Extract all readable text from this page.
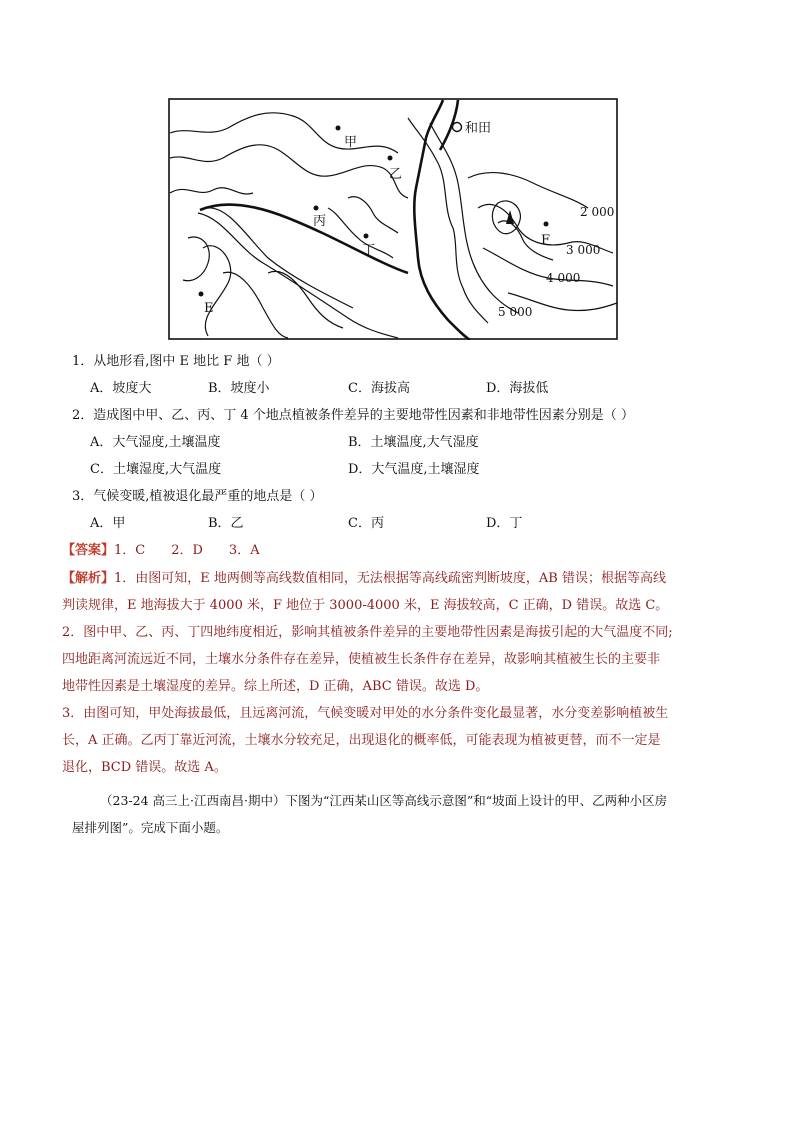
甲
乙
丙
丁
和田
E
F
2 000
3 000
4 000
5 000
1．从地形看,图中 E 地比 F 地（ ）
A．坡度大	B．坡度小	C．海拔高	D．海拔低
2．造成图中甲、乙、丙、丁 4 个地点植被条件差异的主要地带性因素和非地带性因素分别是（ ）
A．大气湿度,土壤温度	B．土壤温度,大气湿度
C．土壤湿度,大气温度	D．大气温度,土壤湿度
3．气候变暖,植被退化最严重的地点是（ ）
A．甲	B．乙	C．丙	D．丁
【答案】1．C　　2．D　　3．A
【解析】1．由图可知，E 地两侧等高线数值相同，无法根据等高线疏密判断坡度，AB 错误；根据等高线
判读规律，E 地海拔大于 4000 米，F 地位于 3000-4000 米，E 海拔较高，C 正确，D 错误。故选 C。
2．图中甲、乙、丙、丁四地纬度相近，影响其植被条件差异的主要地带性因素是海拔引起的大气温度不同;
四地距离河流远近不同，土壤水分条件存在差异，使植被生长条件存在差异，故影响其植被生长的主要非
地带性因素是土壤湿度的差异。综上所述，D 正确，ABC 错误。故选 D。
3．由图可知，甲处海拔最低，且远离河流，气候变暖对甲处的水分条件变化最显著，水分变差影响植被生
长，A 正确。乙丙丁靠近河流，土壤水分较充足，出现退化的概率低，可能表现为植被更替，而不一定是
退化，BCD 错误。故选 A。
（23-24 高三上·江西南昌·期中）下图为“江西某山区等高线示意图”和“坡面上设计的甲、乙两种小区房
屋排列图”。完成下面小题。
